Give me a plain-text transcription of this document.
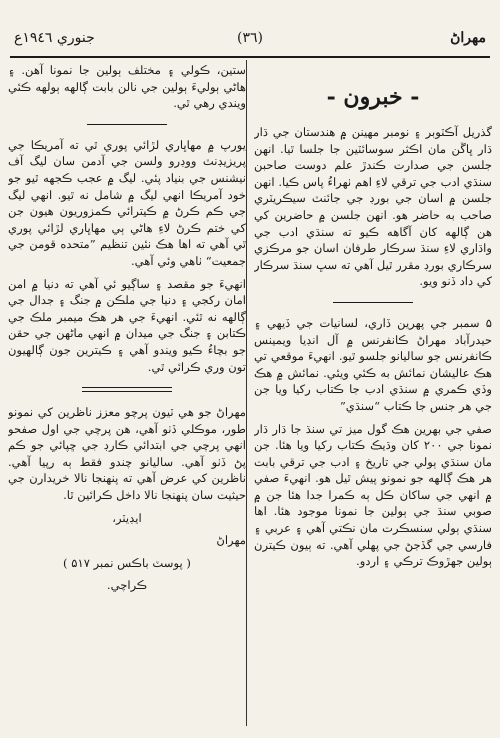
مهراڻ
(٣٦)
جنوري ١٩٤٦ع
- خبرون -

گذريل آڪٽوبر ۽ نومبر مهينن ۾ هندستان جي ڌار ڌار ڀاڱن مان اڪثر سوسائٽين جا جلسا ٿيا. انهن جلسن جي صدارت ڪندڙ علم دوست صاحبن سنڌي ادب جي ترقي لاءِ اهم ٺهراءُ پاس ڪيا. انهن جلسن ۾ اسان جي بورڊ جي جائنٽ سيڪريٽري صاحب به حاضر هو. انهن جلسن ۾ حاضرين کي هن ڳالهه کان آگاهه ڪيو ته سنڌي ادب جي واڌاري لاءِ سنڌ سرڪار طرفان اسان جو مرڪزي سرڪاري بورڊ مقرر ٿيل آهي ته سڀ سنڌ سرڪار کي داد ڏنو ويو.

۵ سمبر جي پهرين ڏاري، لسانيات جي ڏيهي ۽ حيدرآباد مهراڻ ڪانفرنس ۾ آل انڊيا ويمينس ڪانفرنس جو ساليانو جلسو ٿيو. انهيءَ موقعي تي هڪ عاليشان نمائش به ڪئي ويئي. نمائش ۾ هڪ وڏي ڪمري ۾ سنڌي ادب جا ڪتاب رکيا ويا جن جي هر جنس جا ڪتاب “سنڌي”

صفي جي بهرين هڪ گول ميز تي سنڌ جا ڌار ڌار نمونا جي ٢٠٠ کان وڌيڪ ڪتاب رکيا ويا هئا. جن مان سنڌي ٻولي جي تاريخ ۽ ادب جي ترقي بابت هر هڪ ڳالهه جو نمونو پيش ٿيل هو. انهيءَ صفي ۾ انهي جي ساکان ڪل ٻه ڪمرا جدا هئا جن ۾ صوبي سنڌ جي ٻولين جا نمونا موجود هئا. اها سنڌي ٻولي سنسڪرت مان نڪتي آهي ۽ عربي ۽ فارسي جي گڏجڻ جي پهلي آهي. ته ٻيون ڪيترن ٻولين جهڙوڪ ترڪي ۽ اردو.

ستين، ڪولي ۽ مختلف ٻولين جا نمونا آهن. ۽ هاڻي ٻوليءَ ٻولين جي نالن بابت ڳالهه ٻولهه ڪئي ويندي رهي ٿي.

يورپ ۾ مهاڀاري لڙائي پوري ٿي ته آمريڪا جي پريزيڊنٽ ووڊرو ولسن جي آدمن سان ليگ آف نيشنس جي بنياد پئي. ليگ ۾ عجب ڪجهه ٿيو جو خود آمريڪا انهي ليگ ۾ شامل نه ٿيو. انهي ليگ جي ڪم ڪرڻ ۾ ڪيترائي ڪمزوريون هيون جن کي ختم ڪرڻ لاءِ هاڻي ٻي مهاڀاري لڙائي پوري ٿي آهي ته اها هڪ نئين تنظيم ”متحده قومن جي جمعيت“ ٺاهي وئي آهي.

انهيءَ جو مقصد ۽ ساڳيو ئي آهي ته دنيا ۾ امن امان رکجي ۽ دنيا جي ملڪن ۾ جنگ ۽ جدال جي ڳالهه نه ٿئي. انهيءَ جي هر هڪ ميمبر ملڪ جي ڪتابن ۽ جنگ جي ميدان ۾ انهي ماڻهن جي حقن جو بچاءُ ڪيو ويندو آهي ۽ ڪيترين جون ڳالهيون تون وري ڪرائي ٿي.

مهراڻ جو هي ٽيون پرچو معزز ناظرين کي نمونو طور، موڪلي ڏٺو آهي، هن پرچي جي اول صفحو انهي پرچي جي ابتدائي ڪارڊ جي ڇپائي جو ڪم پڻ ڏٺو آهي. ساليانو چندو فقط ٻه رپيا آهي. ناظرين کي عرض آهي ته پنهنجا نالا خريدارن جي حيثيت سان پنهنجا نالا داخل ڪرائين ٿا.

ايڊيٽر،

مهراڻ

( پوسٽ باڪس نمبر ۵١٧ )

ڪراچي.
